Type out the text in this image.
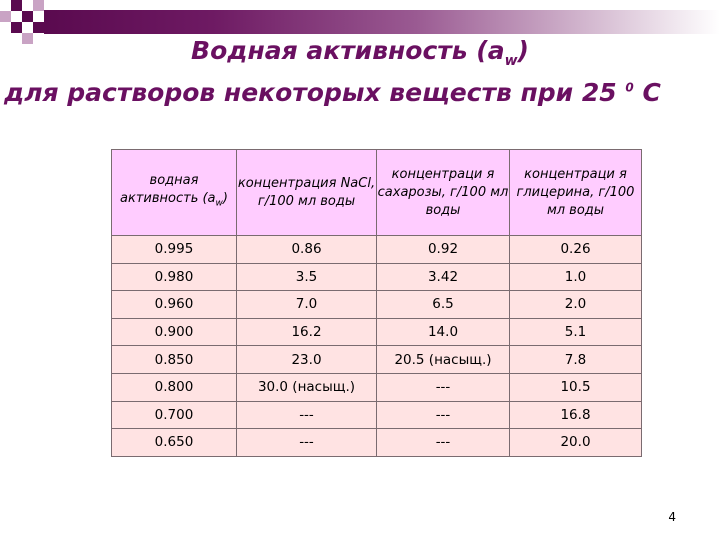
Водная активность $(a_w)$
для растворов некоторых веществ при 25 $^0$ С
водная активность $(a_w)$	концентрация NaCl, г/100 мл воды	концентраци я сахарозы, г/100 мл воды	концентраци я глицерина, г/100 мл воды
0.995	0.86	0.92	0.26
0.980	3.5	3.42	1.0
0.960	7.0	6.5	2.0
0.900	16.2	14.0	5.1
0.850	23.0	20.5 (насыщ.)	7.8
0.800	30.0 (насыщ.)	---	10.5
0.700	---	---	16.8
0.650	---	---	20.0
4
